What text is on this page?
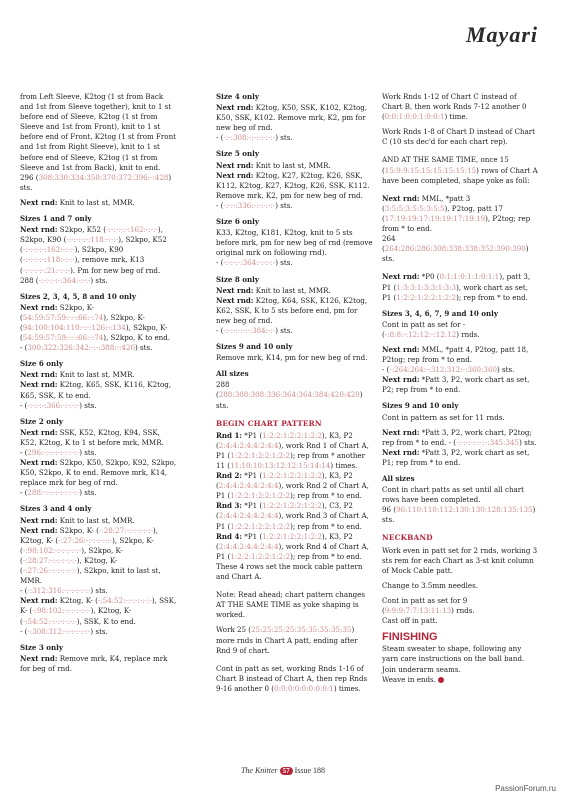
Mayari

from Left Sleeve, K2tog (1 st from Back and 1st from Sleeve together), knit to 1 st before end of Sleeve, K2tog (1 st from Sleeve and 1st from Front), knit to 1 st before end of Front, K2tog (1 st from Front and 1st from Right Sleeve), knit to 1 st before end of Sleeve, K2tog (1 st from Sleeve and 1st from Back), knit to end.
296 (308:330:334:350:370:372:396:-:428) sts.

Next rnd: Knit to last st, MMR.

Sizes 1 and 7 only

Next rnd: S2kpo, K52 (-:-:-:-:-:162:-:-:-), S2kpo, K90 (-:-:-:-:-:118:-:-:-), S2kpo, K52 (-:-:-:-:-:162:-:-:-), S2kpo, K90 (-:-:-:-:-:118:-:-:-), remove mrk, K13 (-:-:-:-:-:21:-:-:-). Pm for new beg of rnd.
288 (-:-:-:-:-:364:-:-:-) sts.

Sizes 2, 3, 4, 5, 8 and 10 only

Next rnd: S2kpo, K- (54:59:57:59:-:-:66:-:74), S2kpo, K- (94:100:104:110:-:-:126:-:134), S2kpo, K- (54:59:57:59:-:-:66:-:74), S2kpo, K to end.
- (300:322:326:342:-:-:388:-:420) sts.

Size 6 only

Next rnd: Knit to last st, MMR.
Next rnd: K2tog, K65, SSK, K116, K2tog, K65, SSK, K to end.
- (-:-:-:-:366:-:-:-:-) sts.

Size 2 only

Next rnd: SSK, K52, K2tog, K94, SSK, K52, K2tog, K to 1 st before mrk, MMR.
- (296:-:-:-:-:-:-:-:-) sts.
Next rnd: S2kpo, K50, S2kpo, K92, S2kpo, K50, S2kpo, K to end. Remove mrk, K14, replace mrk for beg of rnd.
- (288:-:-:-:-:-:-:-:-) sts.

Sizes 3 and 4 only

Next rnd: Knit to last st, MMR.
Next rnd: S2kpo, K- (-:28:27:-:-:-:-:-:-), K2tog, K- (-:27:26:-:-:-:-:-:-), S2kpo, K- (-:98:102:-:-:-:-:-:-), S2kpo, K- (-:28:27:-:-:-:-:-:-), K2tog, K- (-:27:26:-:-:-:-:-:-), S2kpo, knit to last st, MMR.
- (-:312:316:-:-:-:-:-:-) sts.
Next rnd: K2tog, K- (-:54:52:-:-:-:-:-:-), SSK, K- (-:98:102:-:-:-:-:-:-), K2tog, K- (-:54:52:-:-:-:-:-:-), SSK, K to end.
- (-:308:312:-:-:-:-:-:-) sts.

Size 3 only

Next rnd: Remove mrk, K4, replace mrk for beg of rnd.

Size 4 only

Next rnd: K2tog, K50, SSK, K102, K2tog, K50, SSK, K102. Remove mrk, K2, pm for new beg of rnd.
- (-:-:308:-:-:-:-:-:-) sts.

Size 5 only

Next rnd: Knit to last st, MMR.
Next rnd: K2tog, K27, K2tog, K26, SSK, K112, K2tog, K27, K2tog, K26, SSK, K112. Remove mrk, K2, pm for new beg of rnd.
- (-:-:-:336:-:-:-:-:-) sts.

Size 6 only

K33, K2tog, K181, K2tog, knit to 5 sts before mrk, pm for new beg of rnd (remove original mrk on following rnd).
- (-:-:-:-:364:-:-:-:-) sts.

Size 8 only

Next rnd: Knit to last st, MMR.
Next rnd: K2tog, K64, SSK, K126, K2tog, K62, SSK, K to 5 sts before end, pm for new beg of rnd.
- (-:-:-:-:-:-:384:-:-) sts.

Sizes 9 and 10 only

Remove mrk, K14, pm for new beg of rnd.

All sizes

288 (288:308:308:336:364:364:384:420:420) sts.

BEGIN CHART PATTERN

Rnd 1: *P1 (1:2:2:1:2:2:1:2:2), K3, P2 (2:4:4:2:4:4:2:4:4), work Rnd 1 of Chart A, P1 (1:2:2:1:2:2:1:2:2); rep from * another 11 (11:10:10:13:12:12:15:14:14) times.

Rnd 2: *P1 (1:2:2:1:2:2:1:2:2), K3, P2 (2:4:4:2:4:4:2:4:4), work Rnd 2 of Chart A, P1 (1:2:2:1:2:2:1:2:2); rep from * to end.

Rnd 3: *P1 (1:2:2:1:2:2:1:2:2), C3, P2 (2:4:4:2:4:4:2:4:4), work Rnd 3 of Chart A, P1 (1:2:2:1:2:2:1:2:2); rep from * to end.

Rnd 4: *P1 (1:2:2:1:2:2:1:2:2), K3, P2 (2:4:4:2:4:4:2:4:4), work Rnd 4 of Chart A, P1 (1:2:2:1:2:2:1:2:2); rep from * to end.

These 4 rows set the mock cable pattern and Chart A.

Note: Read ahead; chart pattern changes AT THE SAME TIME as yoke shaping is worked.

Work 25 (25:25:25:25:35:35:35:35:35) more rnds in Chart A patt, ending after Rnd 9 of chart.

Cont in patt as set, working Rnds 1-16 of Chart B instead of Chart A, then rep Rnds 9-16 another 0 (0:0:0:0:0:0:0:0:1) times.

Work Rnds 1-12 of Chart C instead of Chart B, then work Rnds 7-12 another 0 (0:0:1:0:0:1:0:0:1) time.

Work Rnds 1-8 of Chart D instead of Chart C (10 sts dec'd for each chart rep).

AND AT THE SAME TIME, once 15 (15:9:9:15:15:15:15:15:15) rows of Chart A have been completed, shape yoke as foll:

Next rnd: MML, *patt 3 (3:5:5:3:5:5:3:5:5), P2tog, patt 17 (17:19:19:17:19:19:17:19:19), P2tog; rep from * to end.
264 (264:286:286:308:338:338:352:390:390) sts.

Next rnd: *P0 (0:1:1:0:1:1:0:1:1), patt 3, P1 (1:3:3:1:3:3:1:3:3), work chart as set, P1 (1:2:2:1:2:2:1:2:2); rep from * to end.

Sizes 3, 4, 6, 7, 9 and 10 only

Cont in patt as set for - (-:8:8:-:12:12:-:12:12) rnds.

Next rnd: MML, *patt 4, P2tog, patt 18, P2tog; rep from * to end.
- (-:264:264:-:312:312:-:360:360) sts.
Next rnd: *Patt 3, P2, work chart as set, P2; rep from * to end.

Sizes 9 and 10 only

Cont in pattern as set for 11 rnds.

Next rnd: *Patt 3, P2, work chart, P2tog; rep from * to end. - (-:-:-:-:-:-:-:345:345) sts.
Next rnd: *Patt 3, P2, work chart as set, P1; rep from * to end.

All sizes

Cont in chart patts as set until all chart rows have been completed.
96 (96:110:110:112:130:130:128:135:135) sts.

NECKBAND

Work even in patt set for 2 rnds, working 3 sts rem for each Chart as 3-st knit column of Mock Cable patt.

Change to 3.5mm needles.

Cont in patt as set for 9 (9:9:9:7:7:13:11:13) rnds.
Cast off in patt.

FINISHING

Steam sweater to shape, following any yarn care instructions on the ball band.
Join underarm seams.
Weave in ends.

The Knitter 57 Issue 188
PassionForum.ru
